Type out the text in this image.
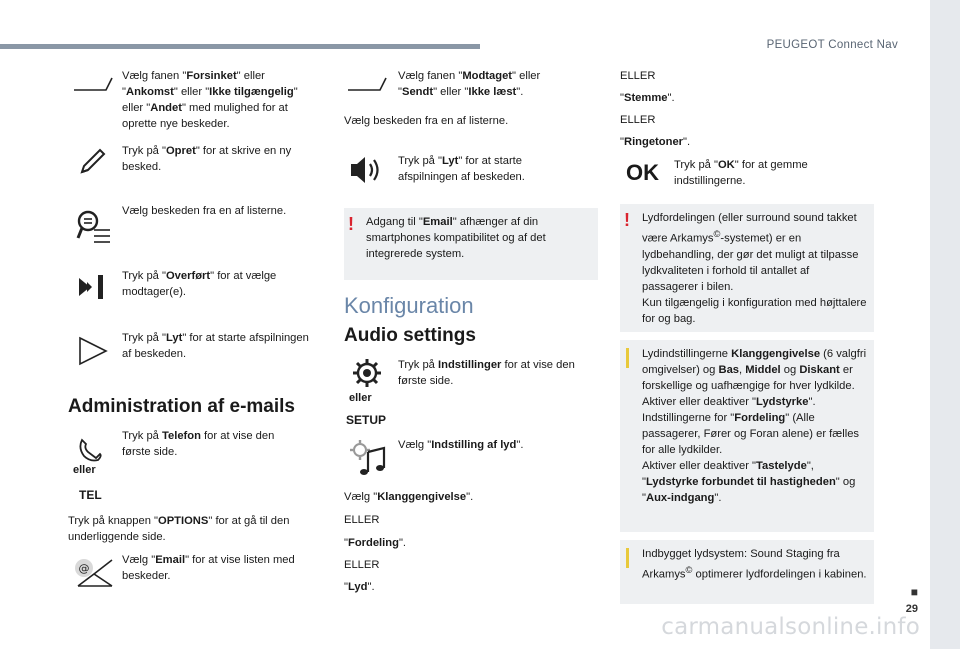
PEUGEOT Connect Nav
■
29
carmanualsonline.info
Vælg fanen "Forsinket" eller "Ankomst" eller "Ikke tilgængelig" eller "Andet" med mulighed for at oprette nye beskeder.
Tryk på "Opret" for at skrive en ny besked.
Vælg beskeden fra en af listerne.
Tryk på "Overført" for at vælge modtager(e).
Tryk på "Lyt" for at starte afspilningen af beskeden.
Administration af e-mails
eller
TEL
Tryk på Telefon for at vise den første side.
Tryk på knappen "OPTIONS" for at gå til den underliggende side.
@
Vælg "Email" for at vise listen med beskeder.
Vælg fanen "Modtaget" eller "Sendt" eller "Ikke læst".
Vælg beskeden fra en af listerne.
Tryk på "Lyt" for at starte afspilningen af beskeden.
! Adgang til "Email" afhænger af din smartphones kompatibilitet og af det integrerede system.
Konfiguration
Audio settings
eller
SETUP
Tryk på Indstillinger for at vise den første side.
Vælg "Indstilling af lyd".
Vælg "Klanggengivelse".
ELLER
"Fordeling".
ELLER
"Lyd".
ELLER
"Stemme".
ELLER
"Ringetoner".
OK Tryk på "OK" for at gemme indstillingerne.
! Lydfordelingen (eller surround sound takket være Arkamys©-systemet) er en lydbehandling, der gør det muligt at tilpasse lydkvaliteten i forhold til antallet af passagerer i bilen.
Kun tilgængelig i konfiguration med højttalere for og bag.
Lydindstillingerne Klanggengivelse (6 valgfri omgivelser) og Bas, Middel og Diskant er forskellige og uafhængige for hver lydkilde.
Aktiver eller deaktiver "Lydstyrke".
Indstillingerne for "Fordeling" (Alle passagerer, Fører og Foran alene) er fælles for alle lydkilder.
Aktiver eller deaktiver "Tastelyde", "Lydstyrke forbundet til hastigheden" og "Aux-indgang".
Indbygget lydsystem: Sound Staging fra Arkamys© optimerer lydfordelingen i kabinen.
